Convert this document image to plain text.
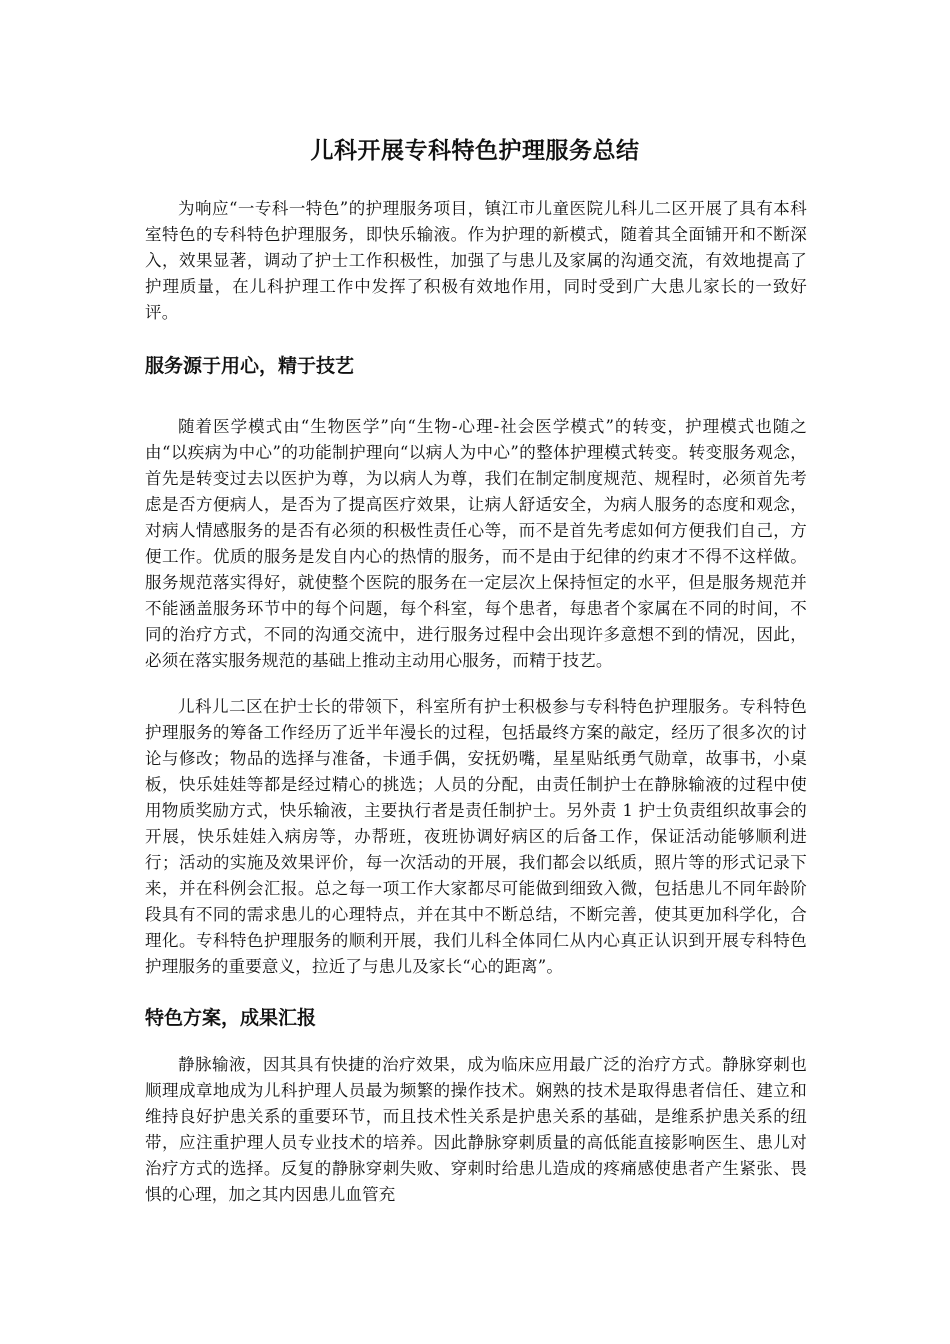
儿科开展专科特色护理服务总结

为响应“一专科一特色”的护理服务项目，镇江市儿童医院儿科儿二区开展了具有本科室特色的专科特色护理服务，即快乐输液。作为护理的新模式，随着其全面铺开和不断深入，效果显著，调动了护士工作积极性，加强了与患儿及家属的沟通交流，有效地提高了护理质量，在儿科护理工作中发挥了积极有效地作用，同时受到广大患儿家长的一致好评。

服务源于用心，精于技艺

随着医学模式由“生物医学”向“生物-心理-社会医学模式”的转变，护理模式也随之由“以疾病为中心”的功能制护理向“以病人为中心”的整体护理模式转变。转变服务观念，首先是转变过去以医护为尊，为以病人为尊，我们在制定制度规范、规程时，必须首先考虑是否方便病人，是否为了提高医疗效果，让病人舒适安全，为病人服务的态度和观念，对病人情感服务的是否有必须的积极性责任心等，而不是首先考虑如何方便我们自己，方便工作。优质的服务是发自内心的热情的服务，而不是由于纪律的约束才不得不这样做。服务规范落实得好，就使整个医院的服务在一定层次上保持恒定的水平，但是服务规范并不能涵盖服务环节中的每个问题，每个科室，每个患者，每患者个家属在不同的时间，不同的治疗方式，不同的沟通交流中，进行服务过程中会出现许多意想不到的情况，因此，必须在落实服务规范的基础上推动主动用心服务，而精于技艺。

儿科儿二区在护士长的带领下，科室所有护士积极参与专科特色护理服务。专科特色护理服务的筹备工作经历了近半年漫长的过程，包括最终方案的敲定，经历了很多次的讨论与修改；物品的选择与准备，卡通手偶，安抚奶嘴，星星贴纸勇气勋章，故事书，小桌板，快乐娃娃等都是经过精心的挑选；人员的分配，由责任制护士在静脉输液的过程中使用物质奖励方式，快乐输液，主要执行者是责任制护士。另外责 1 护士负责组织故事会的开展，快乐娃娃入病房等，办帮班，夜班协调好病区的后备工作，保证活动能够顺利进行；活动的实施及效果评价，每一次活动的开展，我们都会以纸质，照片等的形式记录下来，并在科例会汇报。总之每一项工作大家都尽可能做到细致入微，包括患儿不同年龄阶段具有不同的需求患儿的心理特点，并在其中不断总结，不断完善，使其更加科学化，合理化。专科特色护理服务的顺利开展，我们儿科全体同仁从内心真正认识到开展专科特色护理服务的重要意义，拉近了与患儿及家长“心的距离”。

特色方案，成果汇报

静脉输液，因其具有快捷的治疗效果，成为临床应用最广泛的治疗方式。静脉穿刺也顺理成章地成为儿科护理人员最为频繁的操作技术。娴熟的技术是取得患者信任、建立和维持良好护患关系的重要环节，而且技术性关系是护患关系的基础，是维系护患关系的纽带，应注重护理人员专业技术的培养。因此静脉穿刺质量的高低能直接影响医生、患儿对治疗方式的选择。反复的静脉穿刺失败、穿刺时给患儿造成的疼痛感使患者产生紧张、畏惧的心理，加之其内因患儿血管充
